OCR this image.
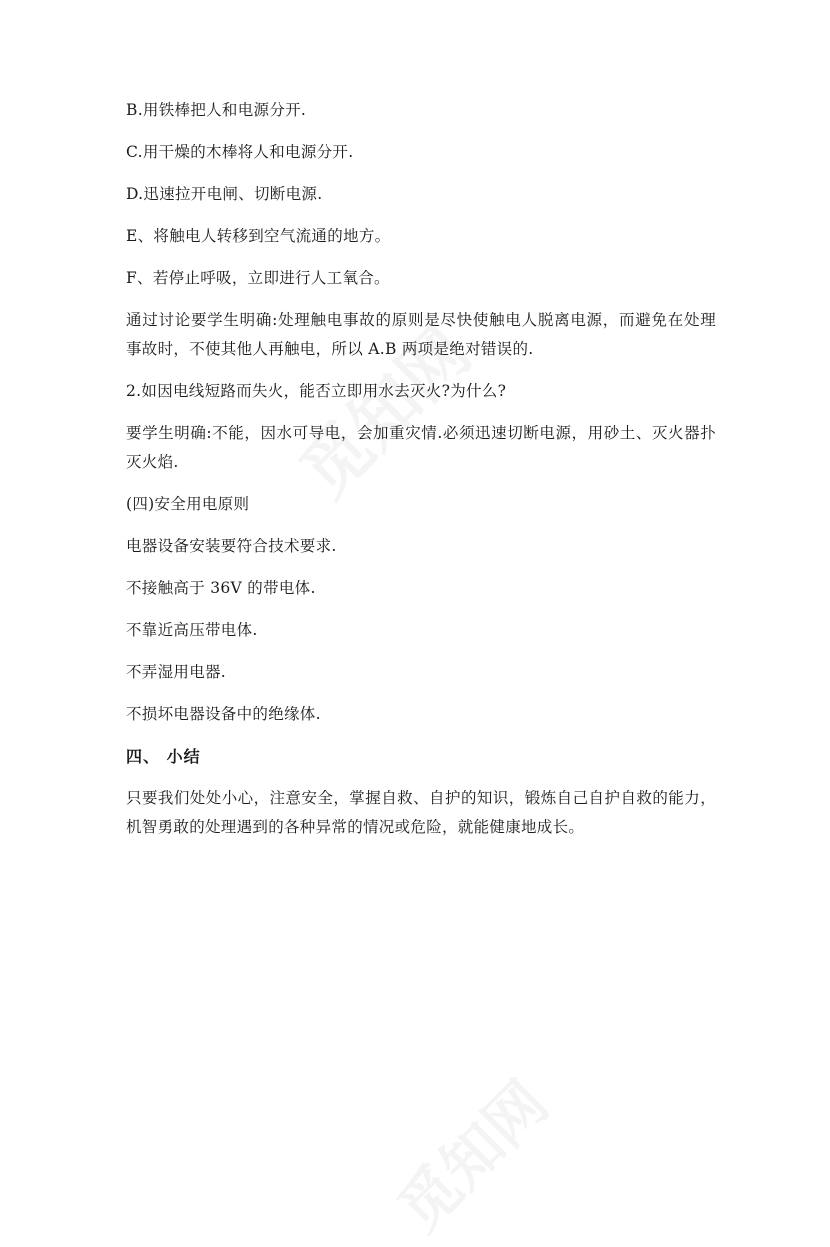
B.用铁棒把人和电源分开.

C.用干燥的木棒将人和电源分开.

D.迅速拉开电闸、切断电源.

E、将触电人转移到空气流通的地方。

F、若停止呼吸，立即进行人工氧合。

通过讨论要学生明确:处理触电事故的原则是尽快使触电人脱离电源，而避免在处理事故时，不使其他人再触电，所以 A.B 两项是绝对错误的.

2.如因电线短路而失火，能否立即用水去灭火?为什么?

要学生明确:不能，因水可导电，会加重灾情.必须迅速切断电源，用砂土、灭火器扑灭火焰.

(四)安全用电原则

电器设备安装要符合技术要求.

不接触高于 36V 的带电体.

不靠近高压带电体.

不弄湿用电器.

不损坏电器设备中的绝缘体.

四、 小结

只要我们处处小心，注意安全，掌握自救、自护的知识，锻炼自己自护自救的能力，机智勇敢的处理遇到的各种异常的情况或危险，就能健康地成长。
